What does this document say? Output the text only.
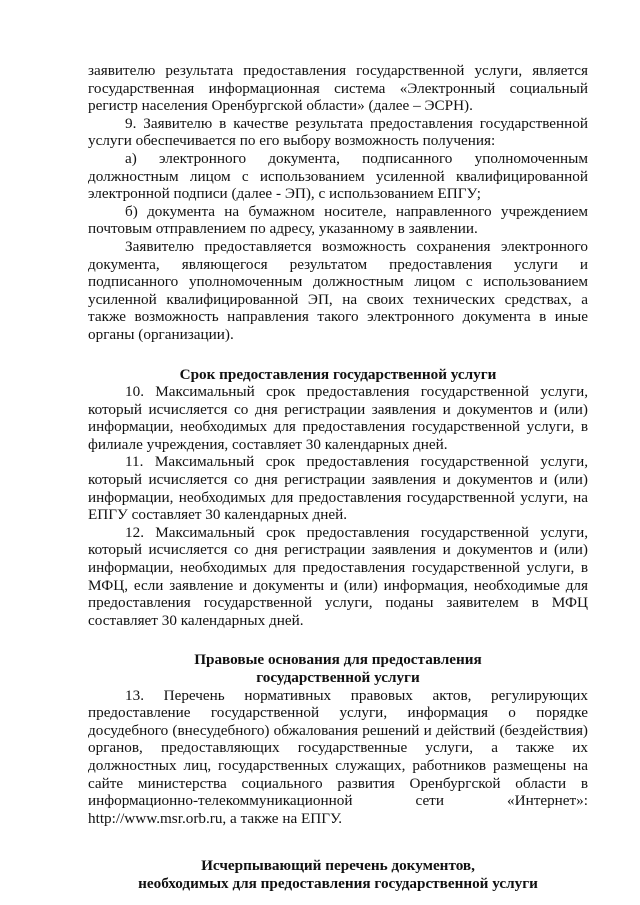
заявителю результата предоставления государственной услуги, является государственная информационная система «Электронный социальный регистр населения Оренбургской области» (далее – ЭСРН).

9. Заявителю в качестве результата предоставления государственной услуги обеспечивается по его выбору возможность получения:

а) электронного документа, подписанного уполномоченным должностным лицом с использованием усиленной квалифицированной электронной подписи (далее - ЭП), с использованием ЕПГУ;

б) документа на бумажном носителе, направленного учреждением почтовым отправлением по адресу, указанному в заявлении.

Заявителю предоставляется возможность сохранения электронного документа, являющегося результатом предоставления услуги и подписанного уполномоченным должностным лицом с использованием усиленной квалифицированной ЭП, на своих технических средствах, а также возможность направления такого электронного документа в иные органы (организации).

Срок предоставления государственной услуги

10. Максимальный срок предоставления государственной услуги, который исчисляется со дня регистрации заявления и документов и (или) информации, необходимых для предоставления государственной услуги, в филиале учреждения, составляет 30 календарных дней.

11. Максимальный срок предоставления государственной услуги, который исчисляется со дня регистрации заявления и документов и (или) информации, необходимых для предоставления государственной услуги, на ЕПГУ составляет 30 календарных дней.

12. Максимальный срок предоставления государственной услуги, который исчисляется со дня регистрации заявления и документов и (или) информации, необходимых для предоставления государственной услуги, в МФЦ, если заявление и документы и (или) информация, необходимые для предоставления государственной услуги, поданы заявителем в МФЦ составляет 30 календарных дней.

Правовые основания для предоставления

государственной услуги

13. Перечень нормативных правовых актов, регулирующих предоставление государственной услуги, информация о порядке досудебного (внесудебного) обжалования решений и действий (бездействия) органов, предоставляющих государственные услуги, а также их должностных лиц, государственных служащих, работников размещены на сайте министерства социального развития Оренбургской области в информационно-телекоммуникационной сети «Интернет»: http://www.msr.orb.ru, а также на ЕПГУ.

Исчерпывающий перечень документов,

необходимых для предоставления государственной услуги
